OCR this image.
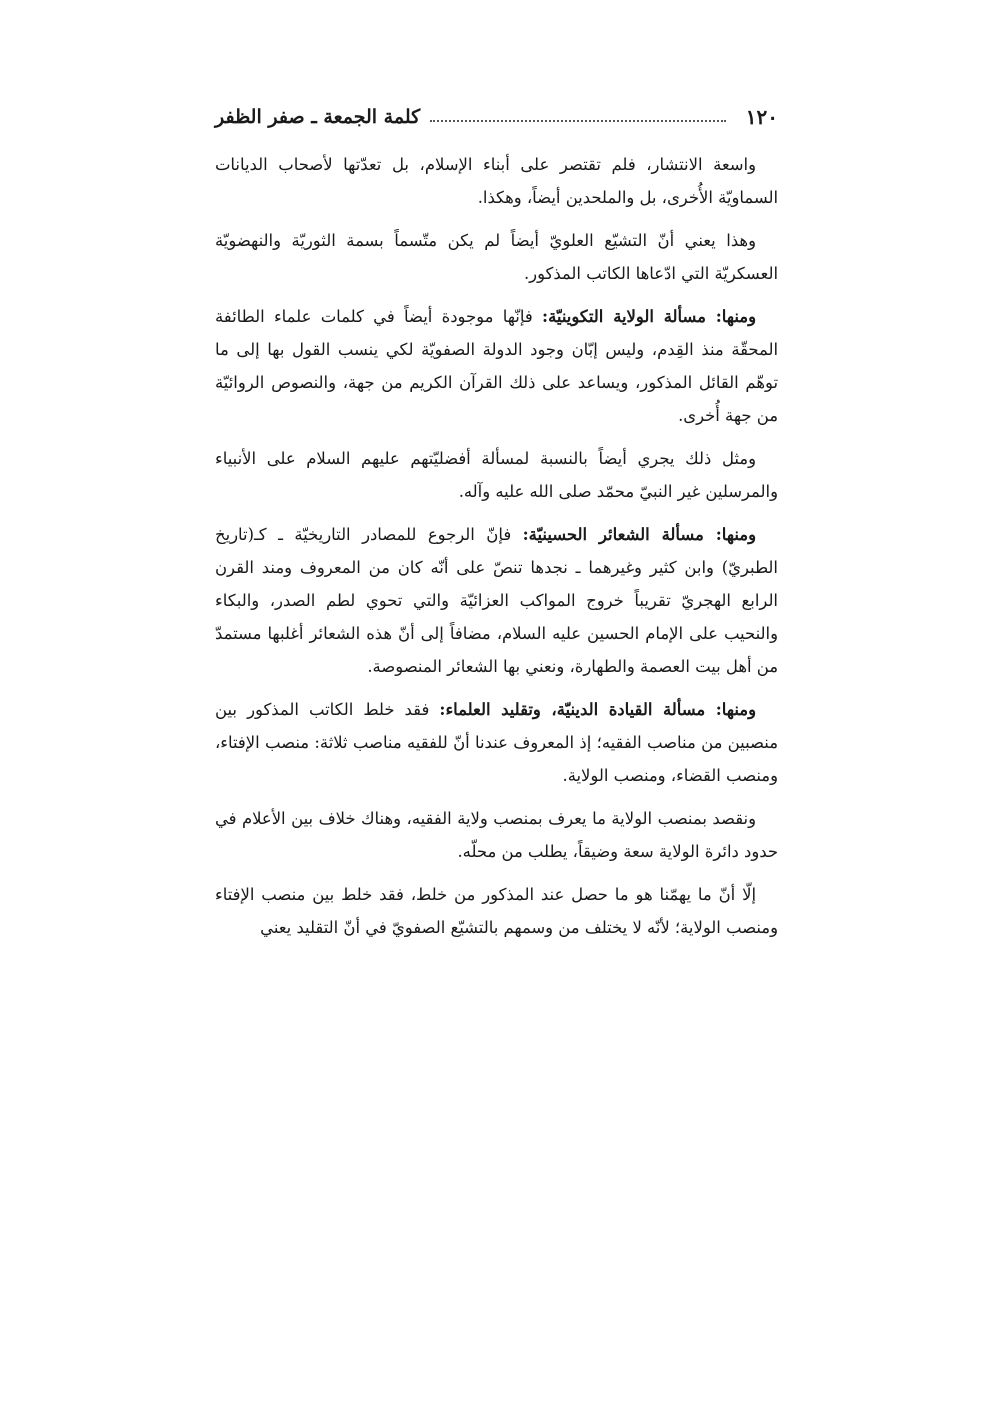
١٢٠
كلمة الجمعة ـ صفر الظفر

واسعة الانتشار، فلم تقتصر على أبناء الإسلام، بل تعدّتها لأصحاب الديانات السماويّة الأُخرى، بل والملحدين أيضاً، وهكذا.

وهذا يعني أنّ التشيّع العلويّ أيضاً لم يكن متّسماً بسمة الثوريّة والنهضويّة العسكريّة التي ادّعاها الكاتب المذكور.

ومنها: مسألة الولاية التكوينيّة: فإنّها موجودة أيضاً في كلمات علماء الطائفة المحقّة منذ القِدم، وليس إبّان وجود الدولة الصفويّة لكي ينسب القول بها إلى ما توهّم القائل المذكور، ويساعد على ذلك القرآن الكريم من جهة، والنصوص الروائيّة من جهة أُخرى.

ومثل ذلك يجري أيضاً بالنسبة لمسألة أفضليّتهم عليهم السلام على الأنبياء والمرسلين غير النبيّ محمّد صلى الله عليه وآله.

ومنها: مسألة الشعائر الحسينيّة: فإنّ الرجوع للمصادر التاريخيّة ـ كـ(تاريخ الطبريّ) وابن كثير وغيرهما ـ نجدها تنصّ على أنّه كان من المعروف ومند القرن الرابع الهجريّ تقريباً خروج المواكب العزائيّة والتي تحوي لطم الصدر، والبكاء والنحيب على الإمام الحسين عليه السلام، مضافاً إلى أنّ هذه الشعائر أغلبها مستمدّ من أهل بيت العصمة والطهارة، ونعني بها الشعائر المنصوصة.

ومنها: مسألة القيادة الدينيّة، وتقليد العلماء: فقد خلط الكاتب المذكور بين منصبين من مناصب الفقيه؛ إذ المعروف عندنا أنّ للفقيه مناصب ثلاثة: منصب الإفتاء، ومنصب القضاء، ومنصب الولاية.

ونقصد بمنصب الولاية ما يعرف بمنصب ولاية الفقيه، وهناك خلاف بين الأعلام في حدود دائرة الولاية سعة وضيقاً، يطلب من محلّه.

إلّا أنّ ما يهمّنا هو ما حصل عند المذكور من خلط، فقد خلط بين منصب الإفتاء ومنصب الولاية؛ لأنّه لا يختلف من وسمهم بالتشيّع الصفويّ في أنّ التقليد يعني
